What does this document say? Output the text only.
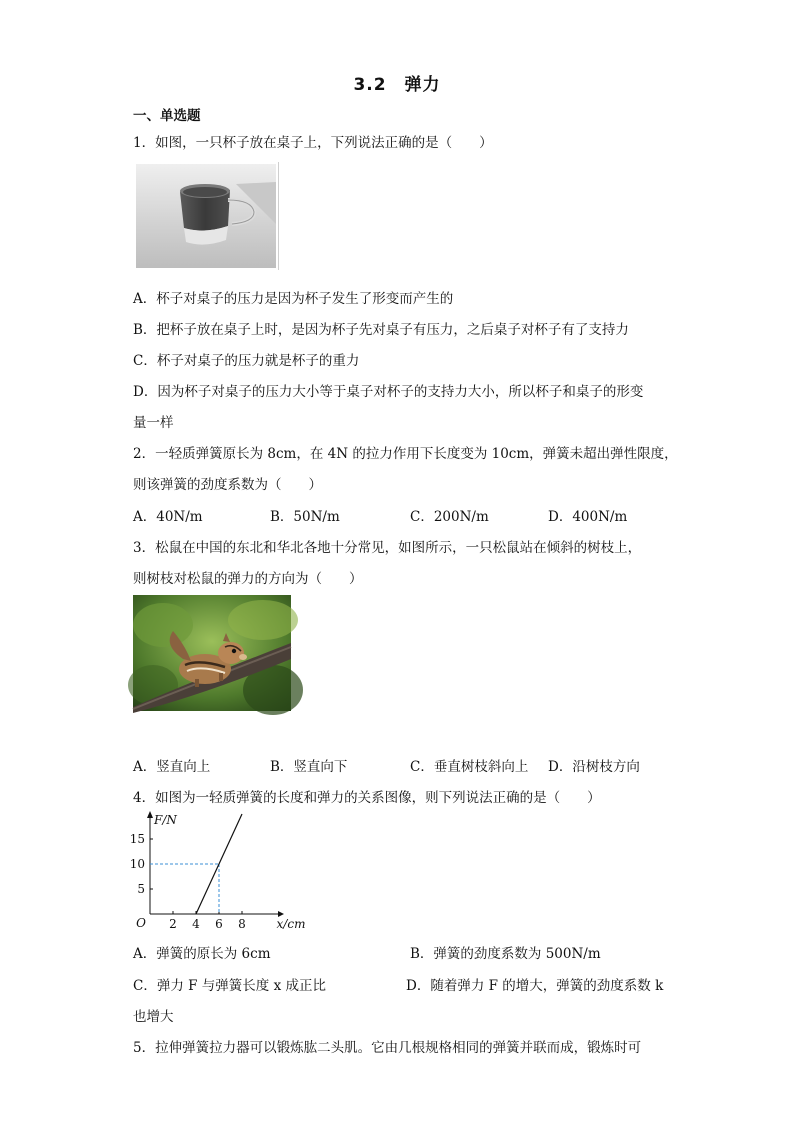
3.2　弹力
一、单选题
1．如图，一只杯子放在桌子上，下列说法正确的是（　　）
A．杯子对桌子的压力是因为杯子发生了形变而产生的
B．把杯子放在桌子上时，是因为杯子先对桌子有压力，之后桌子对杯子有了支持力
C．杯子对桌子的压力就是杯子的重力
D．因为杯子对桌子的压力大小等于桌子对杯子的支持力大小，所以杯子和桌子的形变
量一样
2．一轻质弹簧原长为 8cm，在 4N 的拉力作用下长度变为 10cm，弹簧未超出弹性限度，
则该弹簧的劲度系数为（　　）
A．40N/m	B．50N/m	C．200N/m	D．400N/m
3．松鼠在中国的东北和华北各地十分常见，如图所示，一只松鼠站在倾斜的树枝上，
则树枝对松鼠的弹力的方向为（　　）
A．竖直向上	B．竖直向下	C．垂直树枝斜向上 D．沿树枝方向
4．如图为一轻质弹簧的长度和弹力的关系图像，则下列说法正确的是（　　）
F/N
x/cm
O 2 4 6 8
5
10
15
A．弹簧的原长为 6cm	B．弹簧的劲度系数为 500N/m
C．弹力 F 与弹簧长度 x 成正比	D．随着弹力 F 的增大，弹簧的劲度系数 k
也增大
5．拉伸弹簧拉力器可以锻炼肱二头肌。它由几根规格相同的弹簧并联而成，锻炼时可
